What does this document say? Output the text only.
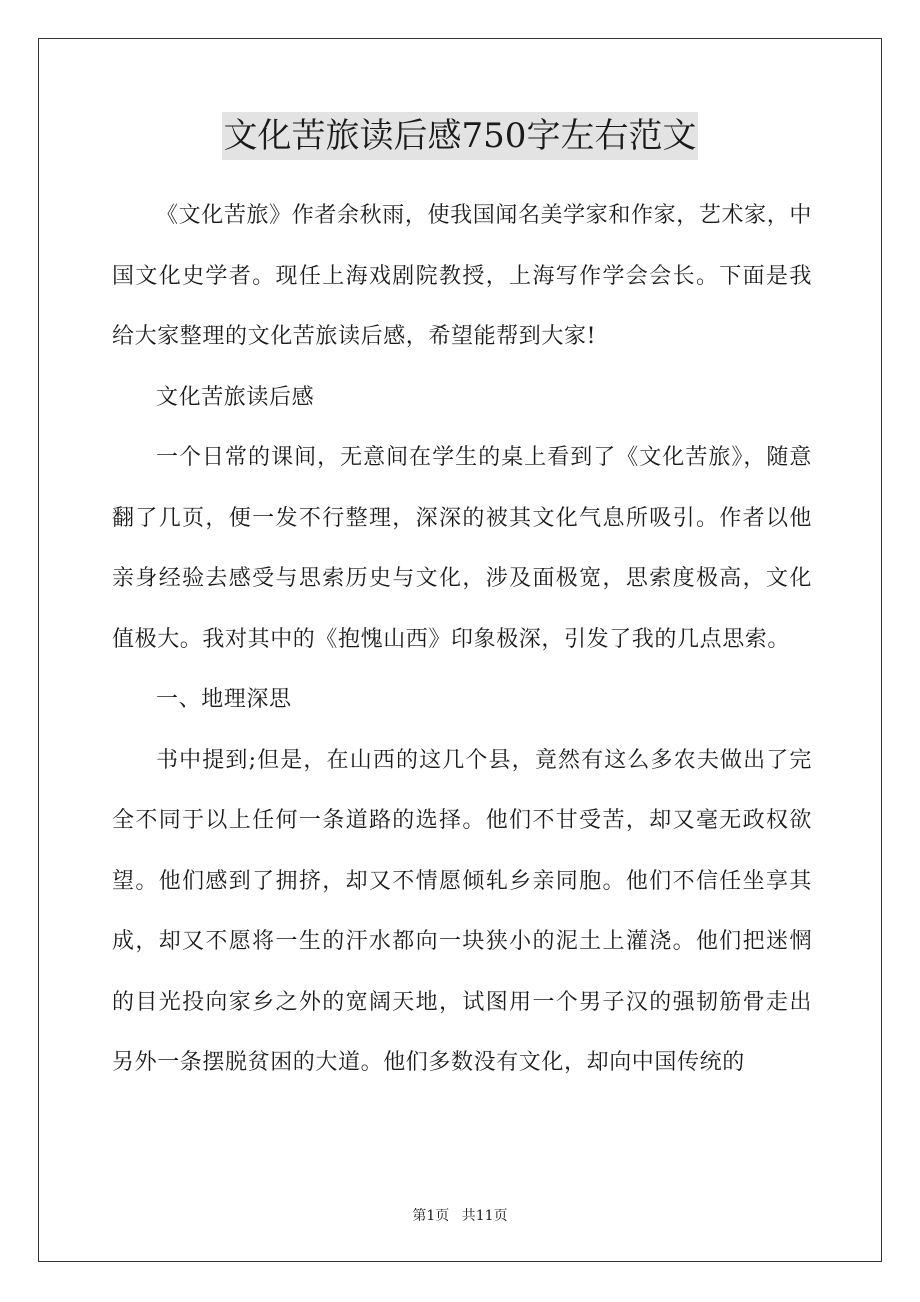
文化苦旅读后感750字左右范文

《文化苦旅》作者余秋雨，使我国闻名美学家和作家，艺术家，中国文化史学者。现任上海戏剧院教授，上海写作学会会长。下面是我给大家整理的文化苦旅读后感，希望能帮到大家!

文化苦旅读后感

一个日常的课间，无意间在学生的桌上看到了《文化苦旅》，随意翻了几页，便一发不行整理，深深的被其文化气息所吸引。作者以他亲身经验去感受与思索历史与文化，涉及面极宽，思索度极高，文化值极大。我对其中的《抱愧山西》印象极深，引发了我的几点思索。

一、地理深思

书中提到;但是，在山西的这几个县，竟然有这么多农夫做出了完全不同于以上任何一条道路的选择。他们不甘受苦，却又毫无政权欲望。他们感到了拥挤，却又不情愿倾轧乡亲同胞。他们不信任坐享其成，却又不愿将一生的汗水都向一块狭小的泥土上灌浇。他们把迷惘的目光投向家乡之外的宽阔天地，试图用一个男子汉的强韧筋骨走出另外一条摆脱贫困的大道。他们多数没有文化，却向中国传统的

第1页 共11页
